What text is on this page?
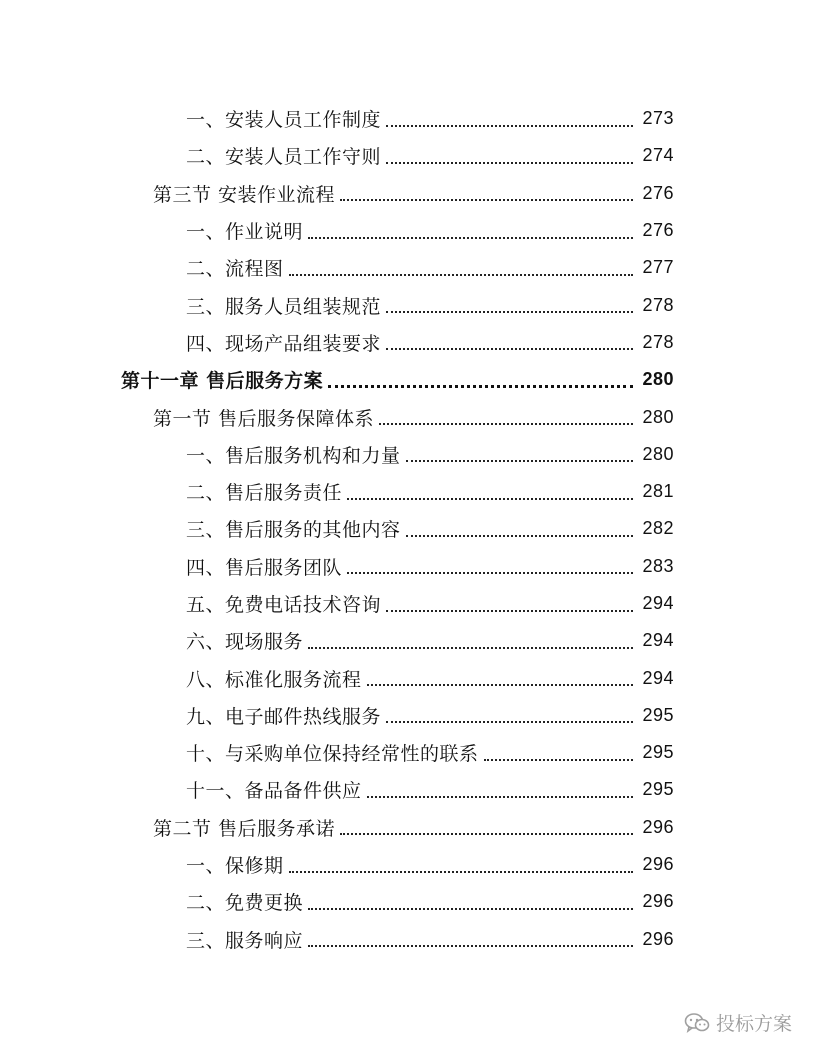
一、安装人员工作制度	273
二、安装人员工作守则	274
第三节 安装作业流程	276
一、作业说明	276
二、流程图	277
三、服务人员组装规范	278
四、现场产品组装要求	278
第十一章 售后服务方案	280
第一节 售后服务保障体系	280
一、售后服务机构和力量	280
二、售后服务责任	281
三、售后服务的其他内容	282
四、售后服务团队	283
五、免费电话技术咨询	294
六、现场服务	294
八、标准化服务流程	294
九、电子邮件热线服务	295
十、与采购单位保持经常性的联系	295
十一、备品备件供应	295
第二节 售后服务承诺	296
一、保修期	296
二、免费更换	296
三、服务响应	296
投标方案
